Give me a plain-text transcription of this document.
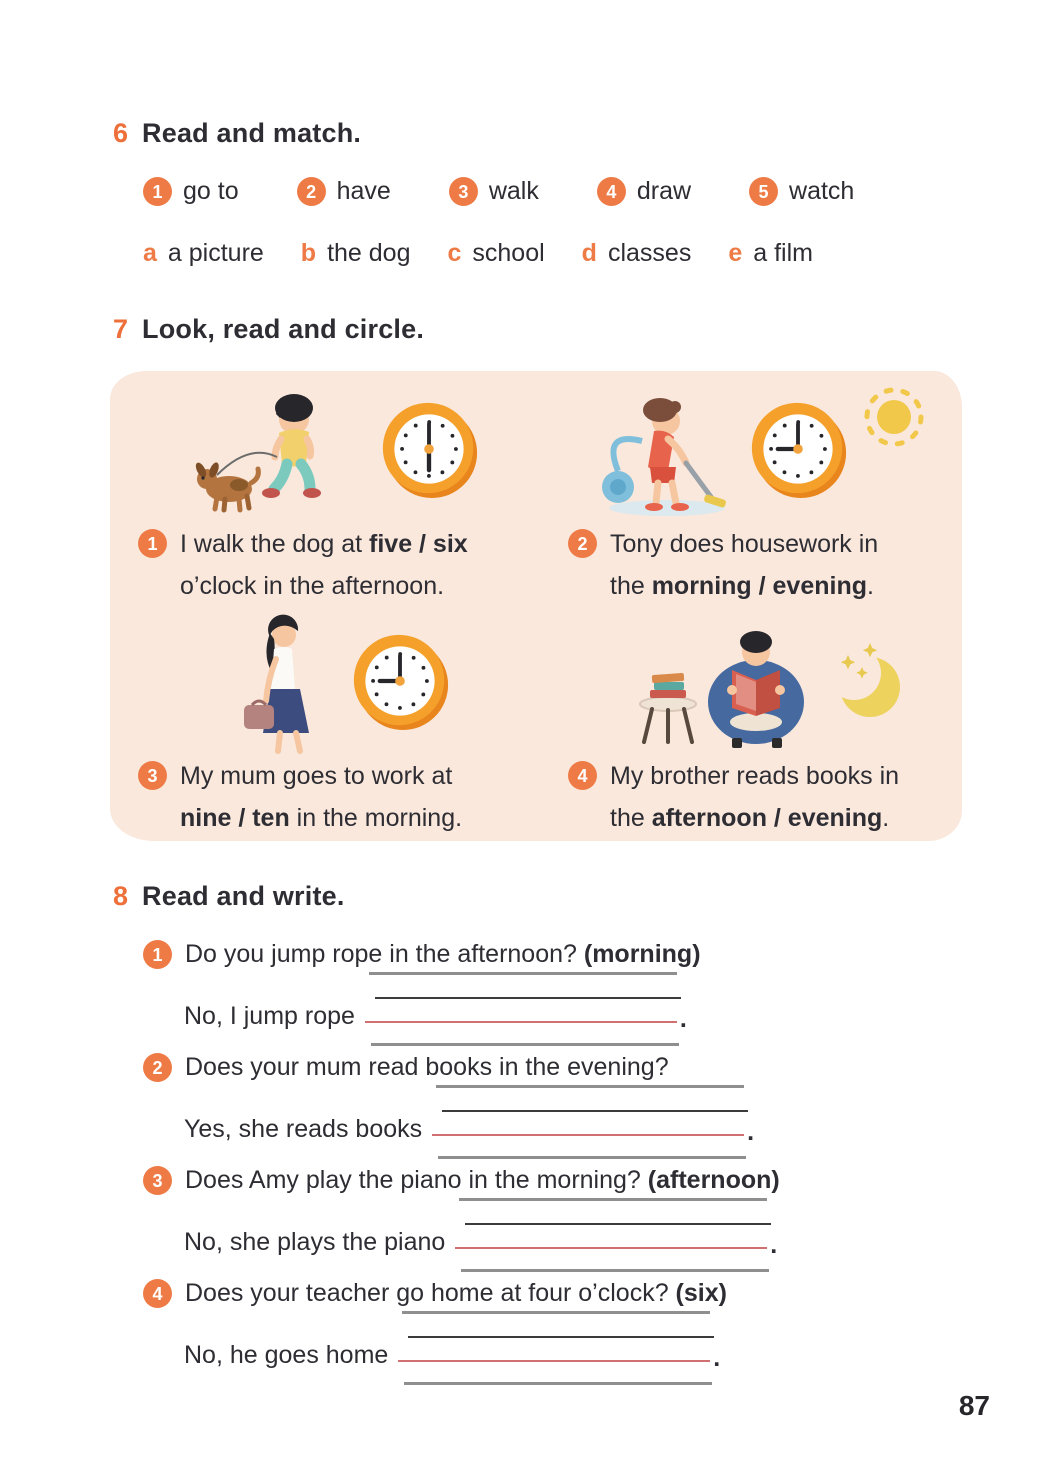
6 Read and match.
1 go to	2 have	3 walk	4 draw	5 watch
a a picture b the dog c school d classes e a film
7 Look, read and circle.
1 I walk the dog at five / six
o’clock in the afternoon.

2 Tony does housework in
the morning / evening.

3 My mum goes to work at
nine / ten in the morning.

4 My brother reads books in
the afternoon / evening.

8 Read and write.
1 Do you jump rope in the afternoon? (morning)

No, I jump rope	.
2 Does your mum read books in the evening?

Yes, she reads books	.
3 Does Amy play the piano in the morning? (afternoon)

No, she plays the piano	.
4 Does your teacher go home at four o’clock? (six)

No, he goes home	.
87
